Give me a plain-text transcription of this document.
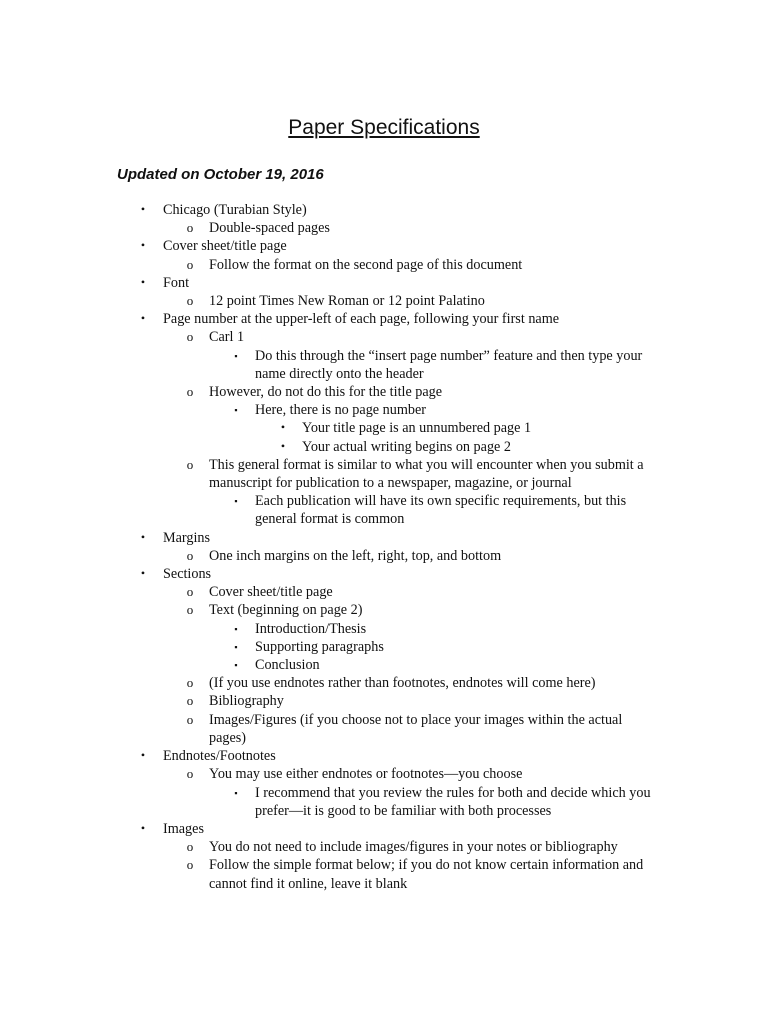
Paper Specifications
Updated on October 19, 2016
• Chicago (Turabian Style)
o Double-spaced pages
• Cover sheet/title page
o Follow the format on the second page of this document
• Font
o 12 point Times New Roman or 12 point Palatino
• Page number at the upper-left of each page, following your first name
o Carl 1
▪	Do this through the “insert page number” feature and then type your name directly onto the header
o However, do not do this for the title page
▪	Here, there is no page number
• Your title page is an unnumbered page 1
• Your actual writing begins on page 2
o This general format is similar to what you will encounter when you submit a manuscript for publication to a newspaper, magazine, or journal
▪	Each publication will have its own specific requirements, but this general format is common
• Margins
o One inch margins on the left, right, top, and bottom
• Sections
o Cover sheet/title page
o Text (beginning on page 2)
▪	Introduction/Thesis
▪	Supporting paragraphs
▪	Conclusion
o (If you use endnotes rather than footnotes, endnotes will come here)
o Bibliography
o Images/Figures (if you choose not to place your images within the actual pages)
• Endnotes/Footnotes
o You may use either endnotes or footnotes—you choose
▪	I recommend that you review the rules for both and decide which you prefer—it is good to be familiar with both processes
• Images
o You do not need to include images/figures in your notes or bibliography
o Follow the simple format below; if you do not know certain information and cannot find it online, leave it blank
